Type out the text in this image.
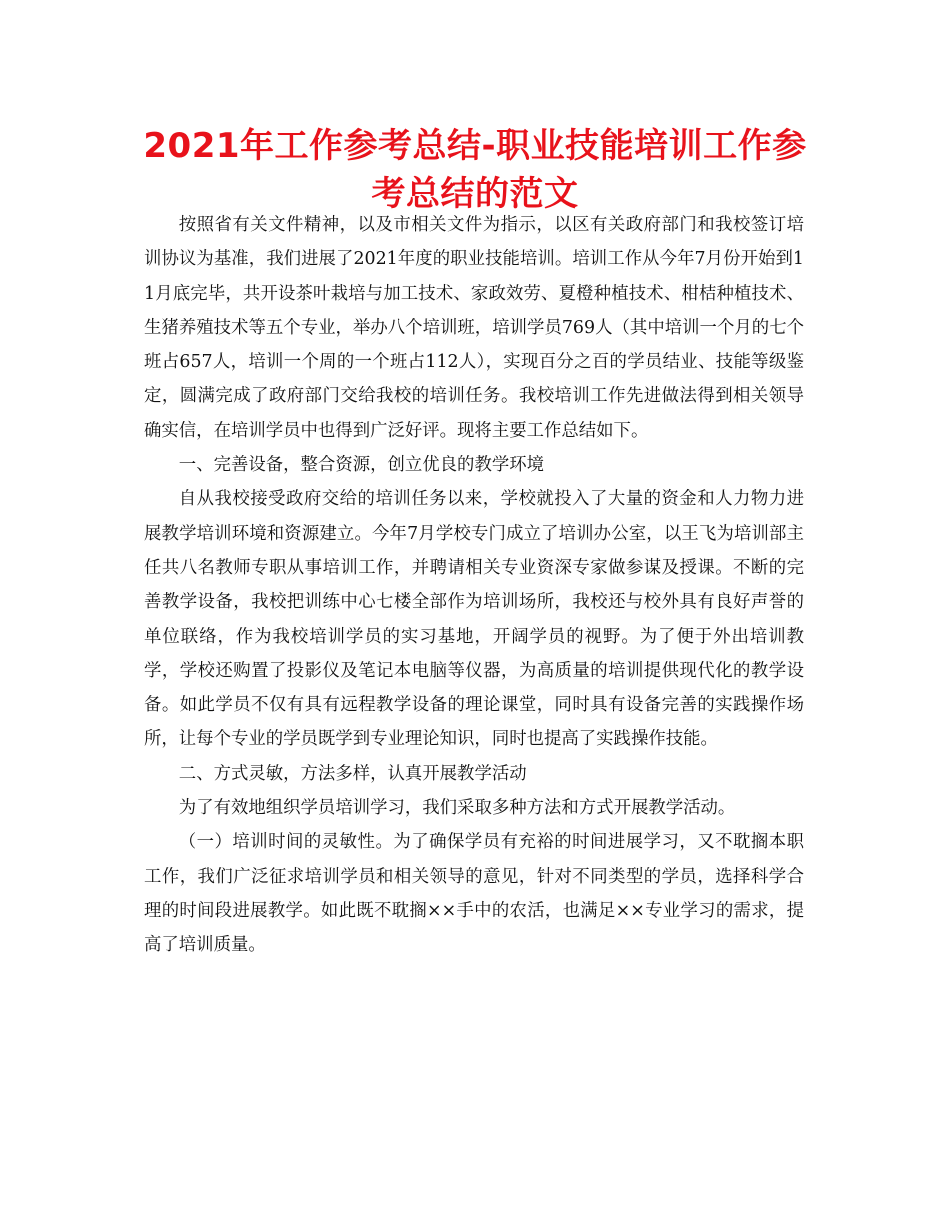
2021年工作参考总结-职业技能培训工作参考总结的范文

按照省有关文件精神，以及市相关文件为指示，以区有关政府部门和我校签订培训协议为基准，我们进展了2021年度的职业技能培训。培训工作从今年7月份开始到11月底完毕，共开设茶叶栽培与加工技术、家政效劳、夏橙种植技术、柑桔种植技术、生猪养殖技术等五个专业，举办八个培训班，培训学员769人（其中培训一个月的七个班占657人，培训一个周的一个班占112人），实现百分之百的学员结业、技能等级鉴定，圆满完成了政府部门交给我校的培训任务。我校培训工作先进做法得到相关领导确实信，在培训学员中也得到广泛好评。现将主要工作总结如下。

一、完善设备，整合资源，创立优良的教学环境

自从我校接受政府交给的培训任务以来，学校就投入了大量的资金和人力物力进展教学培训环境和资源建立。今年7月学校专门成立了培训办公室，以王飞为培训部主任共八名教师专职从事培训工作，并聘请相关专业资深专家做参谋及授课。不断的完善教学设备，我校把训练中心七楼全部作为培训场所，我校还与校外具有良好声誉的单位联络，作为我校培训学员的实习基地，开阔学员的视野。为了便于外出培训教学，学校还购置了投影仪及笔记本电脑等仪器，为高质量的培训提供现代化的教学设备。如此学员不仅有具有远程教学设备的理论课堂，同时具有设备完善的实践操作场所，让每个专业的学员既学到专业理论知识，同时也提高了实践操作技能。

二、方式灵敏，方法多样，认真开展教学活动

为了有效地组织学员培训学习，我们采取多种方法和方式开展教学活动。

（一）培训时间的灵敏性。为了确保学员有充裕的时间进展学习，又不耽搁本职工作，我们广泛征求培训学员和相关领导的意见，针对不同类型的学员，选择科学合理的时间段进展教学。如此既不耽搁××手中的农活，也满足××专业学习的需求，提高了培训质量。
